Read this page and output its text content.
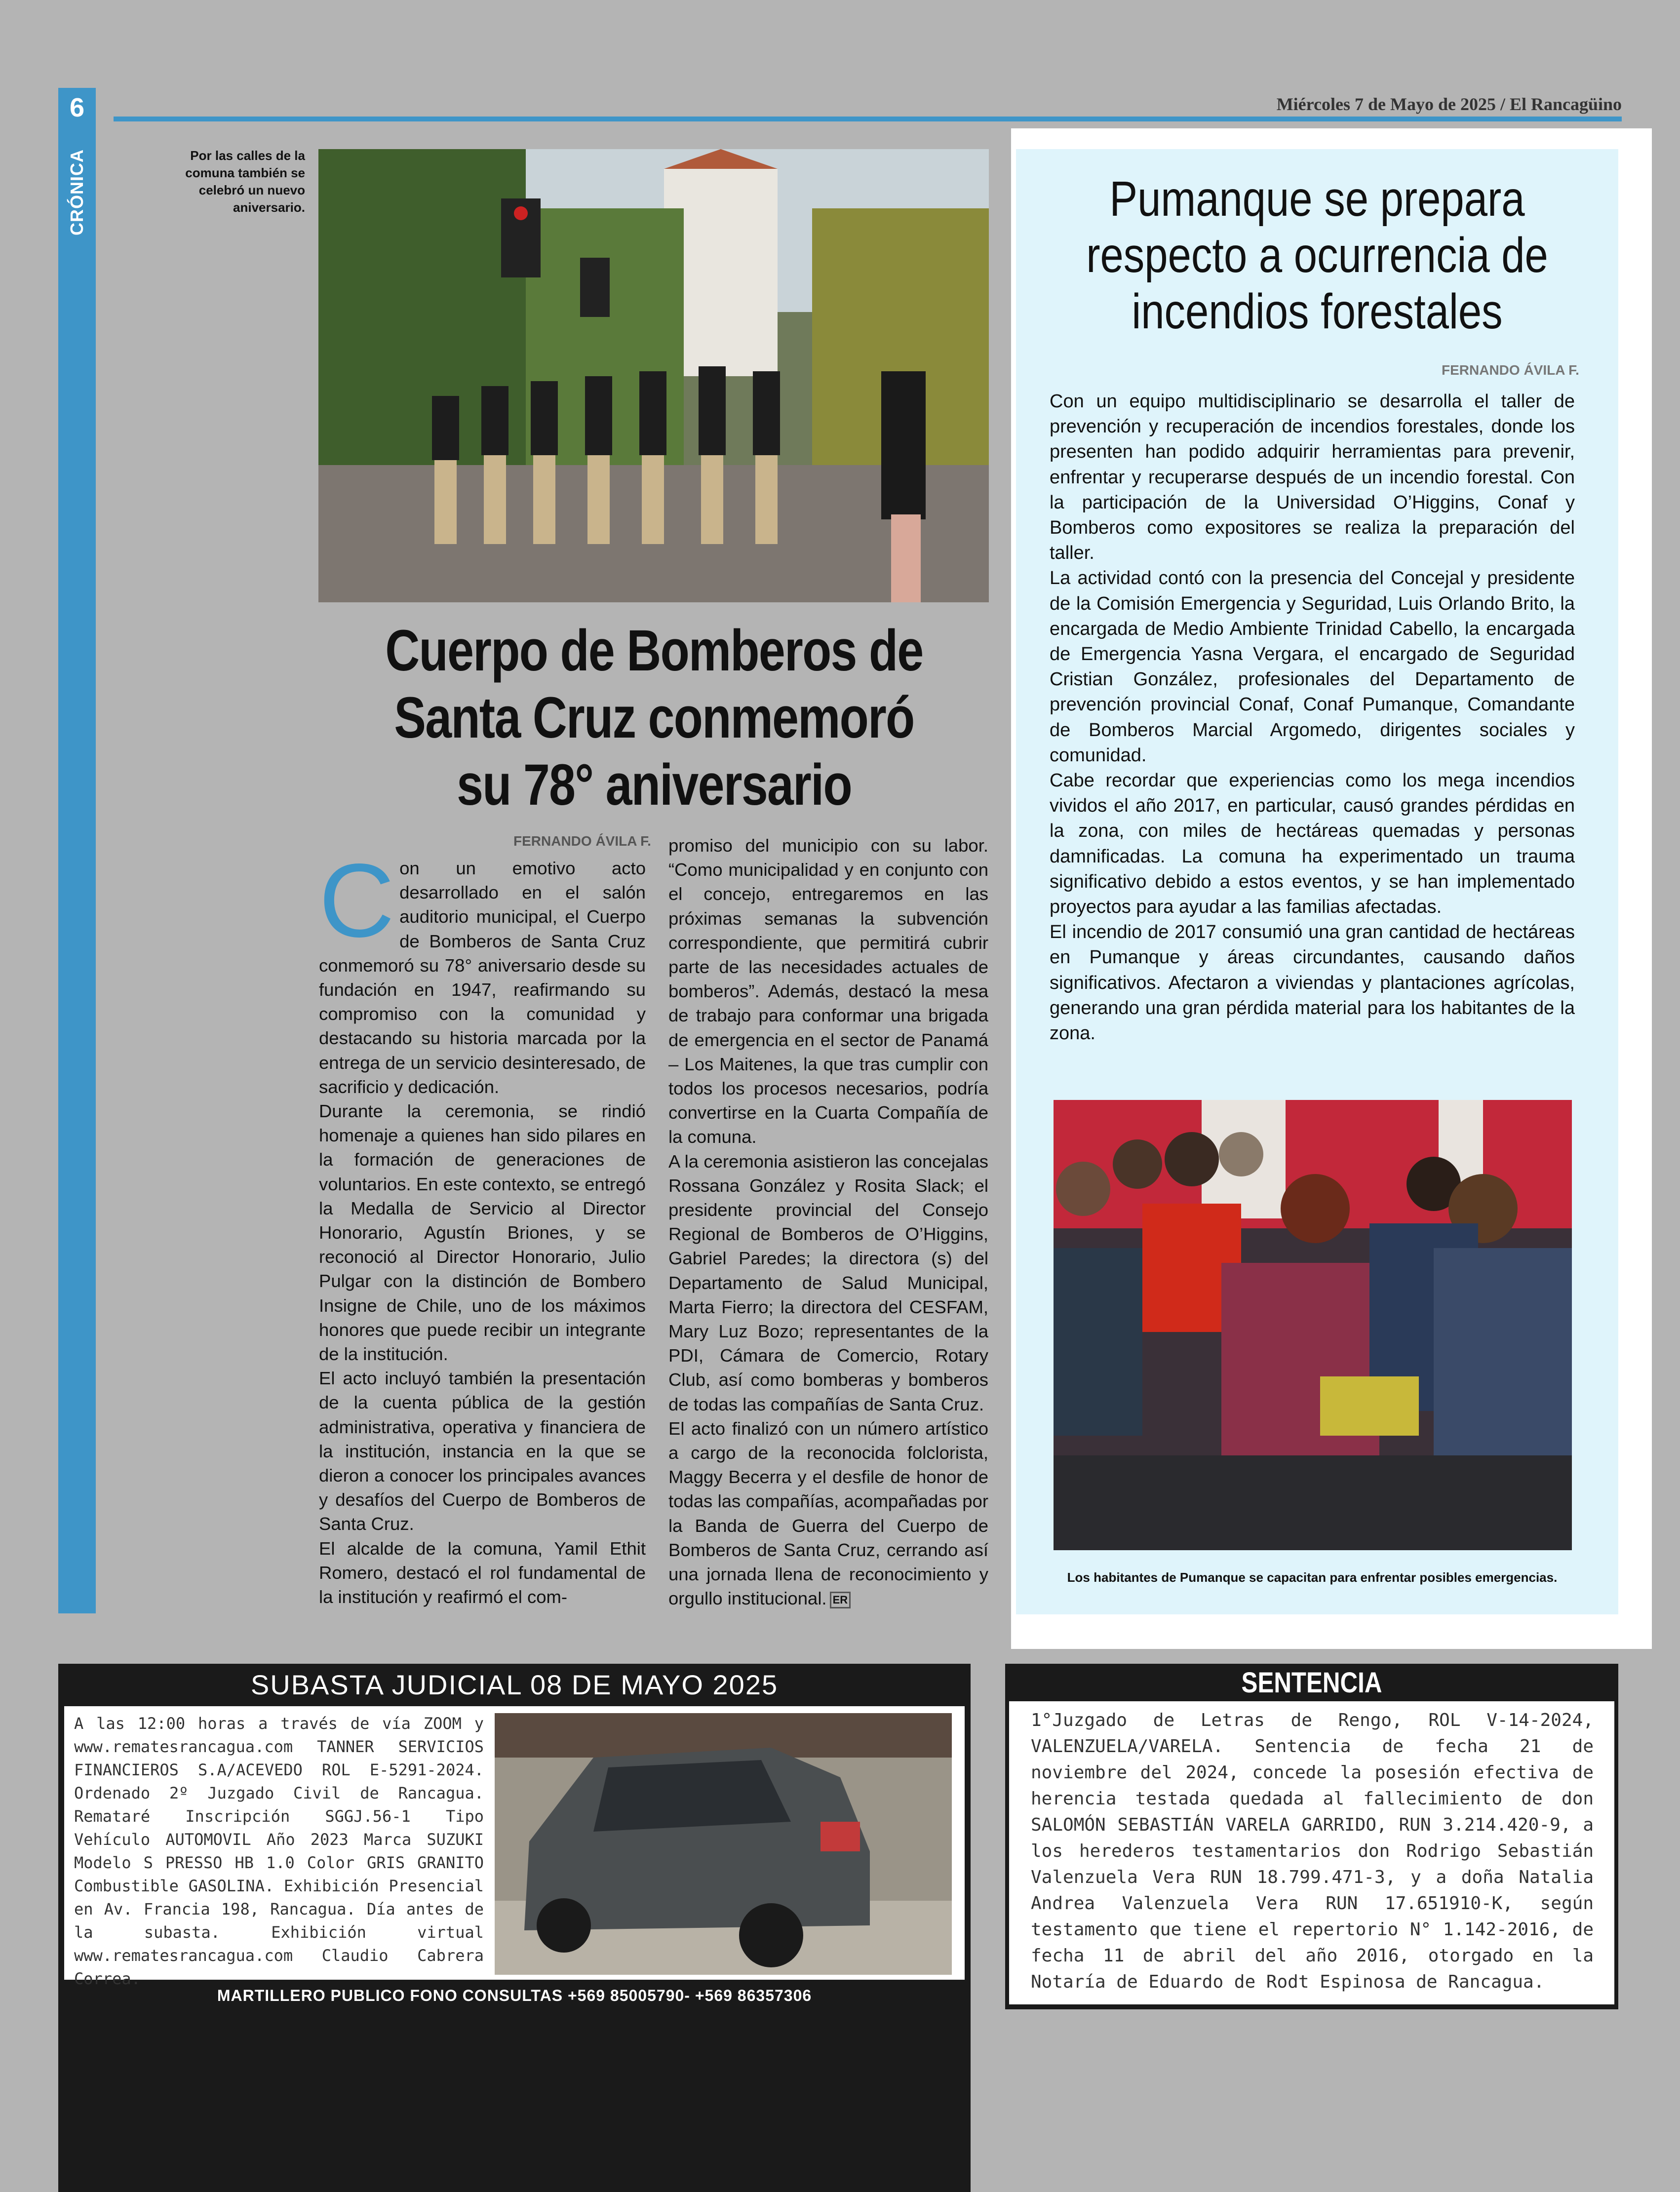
6
CRÓNICA
Miércoles 7 de Mayo de 2025 / El Rancagüino
Por las calles de la comuna también se celebró un nuevo aniversario.
Cuerpo de Bomberos de Santa Cruz conmemoró su 78° aniversario
FERNANDO ÁVILA F.
C on un emotivo acto desarrollado en el salón auditorio municipal, el Cuerpo de Bomberos de Santa Cruz conmemoró su 78° aniversario desde su fundación en 1947, reafirmando su compromiso con la comunidad y destacando su historia marcada por la entrega de un servicio desinteresado, de sacrificio y dedicación.

Durante la ceremonia, se rindió homenaje a quienes han sido pilares en la formación de generaciones de voluntarios. En este contexto, se entregó la Medalla de Servicio al Director Honorario, Agustín Briones, y se reconoció al Director Honorario, Julio Pulgar con la distinción de Bombero Insigne de Chile, uno de los máximos honores que puede recibir un integrante de la institución.

El acto incluyó también la presentación de la cuenta pública de la gestión administrativa, operativa y financiera de la institución, instancia en la que se dieron a conocer los principales avances y desafíos del Cuerpo de Bomberos de Santa Cruz.

El alcalde de la comuna, Yamil Ethit Romero, destacó el rol fundamental de la institución y reafirmó el com-

promiso del municipio con su labor. “Como municipalidad y en conjunto con el concejo, entregaremos en las próximas semanas la subvención correspondiente, que permitirá cubrir parte de las necesidades actuales de bomberos”. Además, destacó la mesa de trabajo para conformar una brigada de emergencia en el sector de Panamá – Los Maitenes, la que tras cumplir con todos los procesos necesarios, podría convertirse en la Cuarta Compañía de la comuna.

A la ceremonia asistieron las concejalas Rossana González y Rosita Slack; el presidente provincial del Consejo Regional de Bomberos de O’Higgins, Gabriel Paredes; la directora (s) del Departamento de Salud Municipal, Marta Fierro; la directora del CESFAM, Mary Luz Bozo; representantes de la PDI, Cámara de Comercio, Rotary Club, así como bomberas y bomberos de todas las compañías de Santa Cruz.

El acto finalizó con un número artístico a cargo de la reconocida folclorista, Maggy Becerra y el desfile de honor de todas las compañías, acompañadas por la Banda de Guerra del Cuerpo de Bomberos de Santa Cruz, cerrando así una jornada llena de reconocimiento y orgullo institucional. ER

Pumanque se prepara respecto a ocurrencia de incendios forestales
FERNANDO ÁVILA F.

Con un equipo multidisciplinario se desarrolla el taller de prevención y recuperación de incendios forestales, donde los presenten han podido adquirir herramientas para prevenir, enfrentar y recuperarse después de un incendio forestal. Con la participación de la Universidad O’Higgins, Conaf y Bomberos como expositores se realiza la preparación del taller.

La actividad contó con la presencia del Concejal y presidente de la Comisión Emergencia y Seguridad, Luis Orlando Brito, la encargada de Medio Ambiente Trinidad Cabello, la encargada de Emergencia Yasna Vergara, el encargado de Seguridad Cristian González, profesionales del Departamento de prevención provincial Conaf, Conaf Pumanque, Comandante de Bomberos Marcial Argomedo, dirigentes sociales y comunidad.

Cabe recordar que experiencias como los mega incendios vividos el año 2017, en particular, causó grandes pérdidas en la zona, con miles de hectáreas quemadas y personas damnificadas. La comuna ha experimentado un trauma significativo debido a estos eventos, y se han implementado proyectos para ayudar a las familias afectadas.

El incendio de 2017 consumió una gran cantidad de hectáreas en Pumanque y áreas circundantes, causando daños significativos. Afectaron a viviendas y plantaciones agrícolas, generando una gran pérdida material para los habitantes de la zona.

Los habitantes de Pumanque se capacitan para enfrentar posibles emergencias.
SUBASTA JUDICIAL 08 DE MAYO 2025
A las 12:00 horas a través de vía ZOOM y www.rematesrancagua.com TANNER SERVICIOS FINANCIEROS S.A/ACEVEDO ROL E-5291-2024. Ordenado 2º Juzgado Civil de Rancagua. Remataré Inscripción SGGJ.56-1 Tipo Vehículo AUTOMOVIL Año 2023 Marca SUZUKI Modelo S PRESSO HB 1.0 Color GRIS GRANITO Combustible GASOLINA. Exhibición Presencial en Av. Francia 198, Rancagua. Día antes de la subasta. Exhibición virtual www.rematesrancagua.com Claudio Cabrera Correa.
MARTILLERO PUBLICO FONO CONSULTAS +569 85005790- +569 86357306
SENTENCIA
1°Juzgado de Letras de Rengo, ROL V-14-2024, VALENZUELA/VARELA. Sentencia de fecha 21 de noviembre del 2024, concede la posesión efectiva de herencia testada quedada al fallecimiento de don SALOMÓN SEBASTIÁN VARELA GARRIDO, RUN 3.214.420-9, a los herederos testamentarios don Rodrigo Sebastián Valenzuela Vera RUN 18.799.471-3, y a doña Natalia Andrea Valenzuela Vera RUN 17.651910-K, según testamento que tiene el repertorio N° 1.142-2016, de fecha 11 de abril del año 2016, otorgado en la Notaría de Eduardo de Rodt Espinosa de Rancagua.
